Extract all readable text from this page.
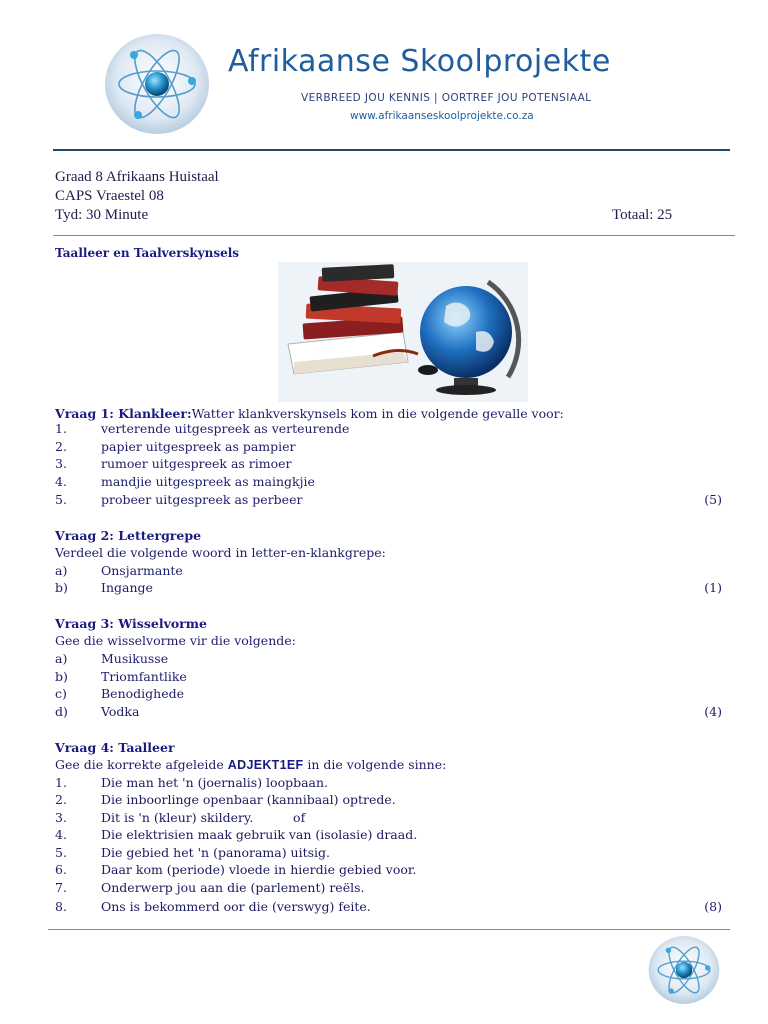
Afrikaanse Skoolprojekte
VERBREED JOU KENNIS | OORTREF JOU POTENSIAAL
www.afrikaanseskoolprojekte.co.za
Graad 8 Afrikaans Huistaal
CAPS Vraestel 08
Tyd: 30 Minute	Totaal: 25
Taalleer en Taalverskynsels
Vraag 1: Klankleer:Watter klankverskynsels kom in die volgende gevalle voor:
1.	verterende uitgespreek as verteurende
2.	papier uitgespreek as pampier
3.	rumoer uitgespreek as rimoer
4.	mandjie uitgespreek as maingkjie
5.	probeer uitgespreek as perbeer	(5)
Vraag 2: Lettergrepe
Verdeel die volgende woord in letter-en-klankgrepe:
a)	Onsjarmante
b)	Ingange	(1)
Vraag 3: Wisselvorme
Gee die wisselvorme vir die volgende:
a)	Musikusse
b)	Triomfantlike
c)	Benodighede
d)	Vodka	(4)
Vraag 4: Taalleer
Gee die korrekte afgeleide ADJEKT1EF in die volgende sinne:
1.	Die man het 'n (joernalis) loopbaan.
2.	Die inboorlinge openbaar (kannibaal) optrede.
3.	Dit is 'n (kleur) skildery.          of
4.	Die elektrisien maak gebruik van (isolasie) draad.
5.	Die gebied het 'n (panorama) uitsig.
6.	Daar kom (periode) vloede in hierdie gebied voor.
7.	Onderwerp jou aan die (parlement) reëls.
8.	Ons is bekommerd oor die (verswyg) feite.	(8)
